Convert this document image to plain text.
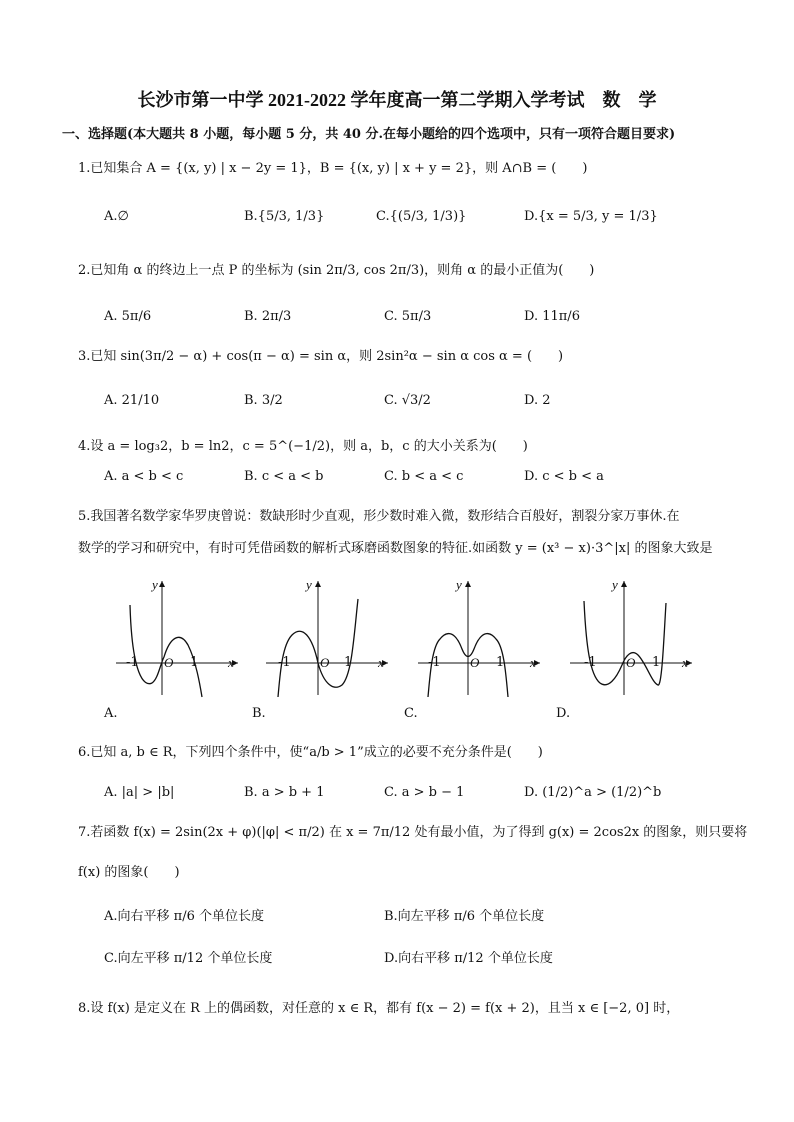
长沙市第一中学 2021-2022 学年度高一第二学期入学考试　数　学
一、选择题(本大题共 8 小题，每小题 5 分，共 40 分.在每小题给的四个选项中，只有一项符合题目要求)
1.已知集合 A = {(x, y) | x − 2y = 1}，B = {(x, y) | x + y = 2}，则 A∩B = (　　)
A.∅	B.{5/3, 1/3}	C.{(5/3, 1/3)}	D.{x = 5/3, y = 1/3}
2.已知角 α 的终边上一点 P 的坐标为 (sin 2π/3, cos 2π/3)，则角 α 的最小正值为(　　)
A. 5π/6	B. 2π/3	C. 5π/3	D. 11π/6
3.已知 sin(3π/2 − α) + cos(π − α) = sin α，则 2sin²α − sin α cos α = (　　)
A. 21/10	B. 3/2	C. √3/2	D. 2
4.设 a = log₃2，b = ln2，c = 5^(−1/2)，则 a，b，c 的大小关系为(　　)
A. a < b < c	B. c < a < b	C. b < a < c	D. c < b < a
5.我国著名数学家华罗庚曾说：数缺形时少直观，形少数时难入微，数形结合百般好，割裂分家万事休.在
数学的学习和研究中，有时可凭借函数的解析式琢磨函数图象的特征.如函数 y = (x³ − x)·3^|x| 的图象大致是
y
x
O
-1	1
A.
y
x
O
-1	1
B.
y
x
O
-1	1
C.
y
x
O
-1	1
D.
6.已知 a, b ∈ R，下列四个条件中，使“a/b > 1”成立的必要不充分条件是(　　)
A. |a| > |b|	B. a > b + 1	C. a > b − 1	D. (1/2)^a > (1/2)^b
7.若函数 f(x) = 2sin(2x + φ)(|φ| < π/2) 在 x = 7π/12 处有最小值，为了得到 g(x) = 2cos2x 的图象，则只要将
f(x) 的图象(　　)
A.向右平移 π/6 个单位长度	B.向左平移 π/6 个单位长度
C.向左平移 π/12 个单位长度	D.向右平移 π/12 个单位长度
8.设 f(x) 是定义在 R 上的偶函数，对任意的 x ∈ R，都有 f(x − 2) = f(x + 2)，且当 x ∈ [−2, 0] 时，
